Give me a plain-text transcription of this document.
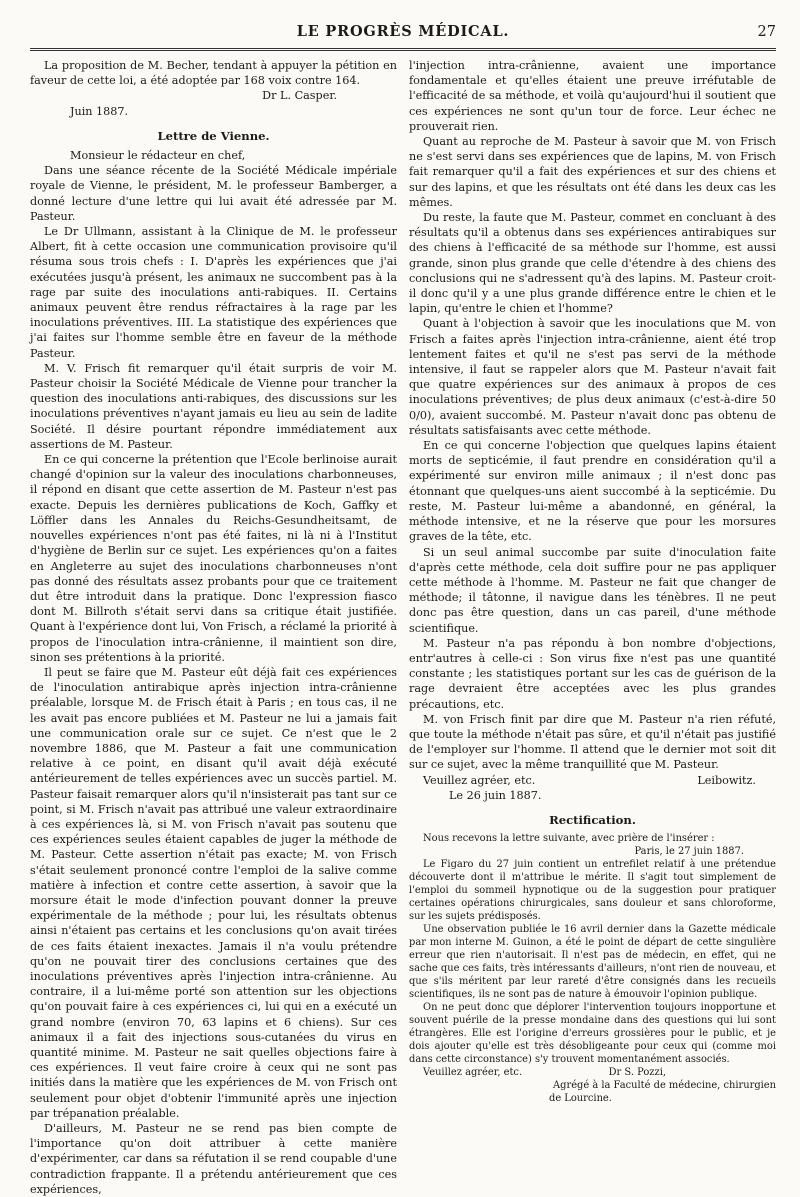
LE PROGRÈS MÉDICAL.	27

La proposition de M. Becher, tendant à appuyer la pétition en faveur de cette loi, a été adoptée par 168 voix contre 164.

Dr L. Casper.

Juin 1887.

Lettre de Vienne.

Monsieur le rédacteur en chef,

Dans une séance récente de la Société Médicale impériale royale de Vienne, le président, M. le professeur Bamberger, a donné lecture d'une lettre qui lui avait été adressée par M. Pasteur.

Le Dr Ullmann, assistant à la Clinique de M. le professeur Albert, fit à cette occasion une communication provisoire qu'il résuma sous trois chefs : I. D'après les expériences que j'ai exécutées jusqu'à présent, les animaux ne succombent pas à la rage par suite des inoculations anti-rabiques. II. Certains animaux peuvent être rendus réfractaires à la rage par les inoculations préventives. III. La statistique des expériences que j'ai faites sur l'homme semble être en faveur de la méthode Pasteur.

M. V. Frisch fit remarquer qu'il était surpris de voir M. Pasteur choisir la Société Médicale de Vienne pour trancher la question des inoculations anti-rabiques, des discussions sur les inoculations préventives n'ayant jamais eu lieu au sein de ladite Société. Il désire pourtant répondre immédiatement aux assertions de M. Pasteur.

En ce qui concerne la prétention que l'Ecole berlinoise aurait changé d'opinion sur la valeur des inoculations charbonneuses, il répond en disant que cette assertion de M. Pasteur n'est pas exacte. Depuis les dernières publications de Koch, Gaffky et Löffler dans les Annales du Reichs-Gesundheitsamt, de nouvelles expériences n'ont pas été faites, ni là ni à l'Institut d'hygiène de Berlin sur ce sujet. Les expériences qu'on a faites en Angleterre au sujet des inoculations charbonneuses n'ont pas donné des résultats assez probants pour que ce traitement dut être introduit dans la pratique. Donc l'expression fiasco dont M. Billroth s'était servi dans sa critique était justifiée. Quant à l'expérience dont lui, Von Frisch, a réclamé la priorité à propos de l'inoculation intra-crânienne, il maintient son dire, sinon ses prétentions à la priorité.

Il peut se faire que M. Pasteur eût déjà fait ces expériences de l'inoculation antirabique après injection intra-crânienne préalable, lorsque M. de Frisch était à Paris ; en tous cas, il ne les avait pas encore publiées et M. Pasteur ne lui a jamais fait une communication orale sur ce sujet. Ce n'est que le 2 novembre 1886, que M. Pasteur a fait une communication relative à ce point, en disant qu'il avait déjà exécuté antérieurement de telles expériences avec un succès partiel. M. Pasteur faisait remarquer alors qu'il n'insisterait pas tant sur ce point, si M. Frisch n'avait pas attribué une valeur extraordinaire à ces expériences là, si M. von Frisch n'avait pas soutenu que ces expériences seules étaient capables de juger la méthode de M. Pasteur. Cette assertion n'était pas exacte; M. von Frisch s'était seulement prononcé contre l'emploi de la salive comme matière à infection et contre cette assertion, à savoir que la morsure était le mode d'infection pouvant donner la preuve expérimentale de la méthode ; pour lui, les résultats obtenus ainsi n'étaient pas certains et les conclusions qu'on avait tirées de ces faits étaient inexactes. Jamais il n'a voulu prétendre qu'on ne pouvait tirer des conclusions certaines que des inoculations préventives après l'injection intra-crânienne. Au contraire, il a lui-même porté son attention sur les objections qu'on pouvait faire à ces expériences ci, lui qui en a exécuté un grand nombre (environ 70, 63 lapins et 6 chiens). Sur ces animaux il a fait des injections sous-cutanées du virus en quantité minime. M. Pasteur ne sait quelles objections faire à ces expériences. Il veut faire croire à ceux qui ne sont pas initiés dans la matière que les expériences de M. von Frisch ont seulement pour objet d'obtenir l'immunité après une injection par trépanation préalable.

D'ailleurs, M. Pasteur ne se rend pas bien compte de l'importance qu'on doit attribuer à cette manière d'expérimenter, car dans sa réfutation il se rend coupable d'une contradiction frappante. Il a prétendu antérieurement que ces expériences,

l'injection intra-crânienne, avaient une importance fondamentale et qu'elles étaient une preuve irréfutable de l'efficacité de sa méthode, et voilà qu'aujourd'hui il soutient que ces expériences ne sont qu'un tour de force. Leur échec ne prouverait rien.

Quant au reproche de M. Pasteur à savoir que M. von Frisch ne s'est servi dans ses expériences que de lapins, M. von Frisch fait remarquer qu'il a fait des expériences et sur des chiens et sur des lapins, et que les résultats ont été dans les deux cas les mêmes.

Du reste, la faute que M. Pasteur, commet en concluant à des résultats qu'il a obtenus dans ses expériences antirabiques sur des chiens à l'efficacité de sa méthode sur l'homme, est aussi grande, sinon plus grande que celle d'étendre à des chiens des conclusions qui ne s'adressent qu'à des lapins. M. Pasteur croit-il donc qu'il y a une plus grande différence entre le chien et le lapin, qu'entre le chien et l'homme?

Quant à l'objection à savoir que les inoculations que M. von Frisch a faites après l'injection intra-crânienne, aient été trop lentement faites et qu'il ne s'est pas servi de la méthode intensive, il faut se rappeler alors que M. Pasteur n'avait fait que quatre expériences sur des animaux à propos de ces inoculations préventives; de plus deux animaux (c'est-à-dire 50 0/0), avaient succombé. M. Pasteur n'avait donc pas obtenu de résultats satisfaisants avec cette méthode.

En ce qui concerne l'objection que quelques lapins étaient morts de septicémie, il faut prendre en considération qu'il a expérimenté sur environ mille animaux ; il n'est donc pas étonnant que quelques-uns aient succombé à la septicémie. Du reste, M. Pasteur lui-même a abandonné, en général, la méthode intensive, et ne la réserve que pour les morsures graves de la tête, etc.

Si un seul animal succombe par suite d'inoculation faite d'après cette méthode, cela doit suffire pour ne pas appliquer cette méthode à l'homme. M. Pasteur ne fait que changer de méthode; il tâtonne, il navigue dans les ténèbres. Il ne peut donc pas être question, dans un cas pareil, d'une méthode scientifique.

M. Pasteur n'a pas répondu à bon nombre d'objections, entr'autres à celle-ci : Son virus fixe n'est pas une quantité constante ; les statistiques portant sur les cas de guérison de la rage devraient être acceptées avec les plus grandes précautions, etc.

M. von Frisch finit par dire que M. Pasteur n'a rien réfuté, que toute la méthode n'était pas sûre, et qu'il n'était pas justifié de l'employer sur l'homme. Il attend que le dernier mot soit dit sur ce sujet, avec la même tranquillité que M. Pasteur.

Veuillez agréer, etc.	Leibowitz.

Le 26 juin 1887.

Rectification.

Nous recevons la lettre suivante, avec prière de l'insérer :

Paris, le 27 juin 1887.

Le Figaro du 27 juin contient un entrefilet relatif à une prétendue découverte dont il m'attribue le mérite. Il s'agit tout simplement de l'emploi du sommeil hypnotique ou de la suggestion pour pratiquer certaines opérations chirurgicales, sans douleur et sans chloroforme, sur les sujets prédisposés.

Une observation publiée le 16 avril dernier dans la Gazette médicale par mon interne M. Guinon, a été le point de départ de cette singulière erreur que rien n'autorisait. Il n'est pas de médecin, en effet, qui ne sache que ces faits, très intéressants d'ailleurs, n'ont rien de nouveau, et que s'ils méritent par leur rareté d'être consignés dans les recueils scientifiques, ils ne sont pas de nature à émouvoir l'opinion publique.

On ne peut donc que déplorer l'intervention toujours inopportune et souvent puérile de la presse mondaine dans des questions qui lui sont étrangères. Elle est l'origine d'erreurs grossières pour le public, et je dois ajouter qu'elle est très désobligeante pour ceux qui (comme moi dans cette circonstance) s'y trouvent momentanément associés.

Veuillez agréer, etc.	Dr S. Pozzi,

Agrégé à la Faculté de médecine, chirurgien

de Lourcine.
